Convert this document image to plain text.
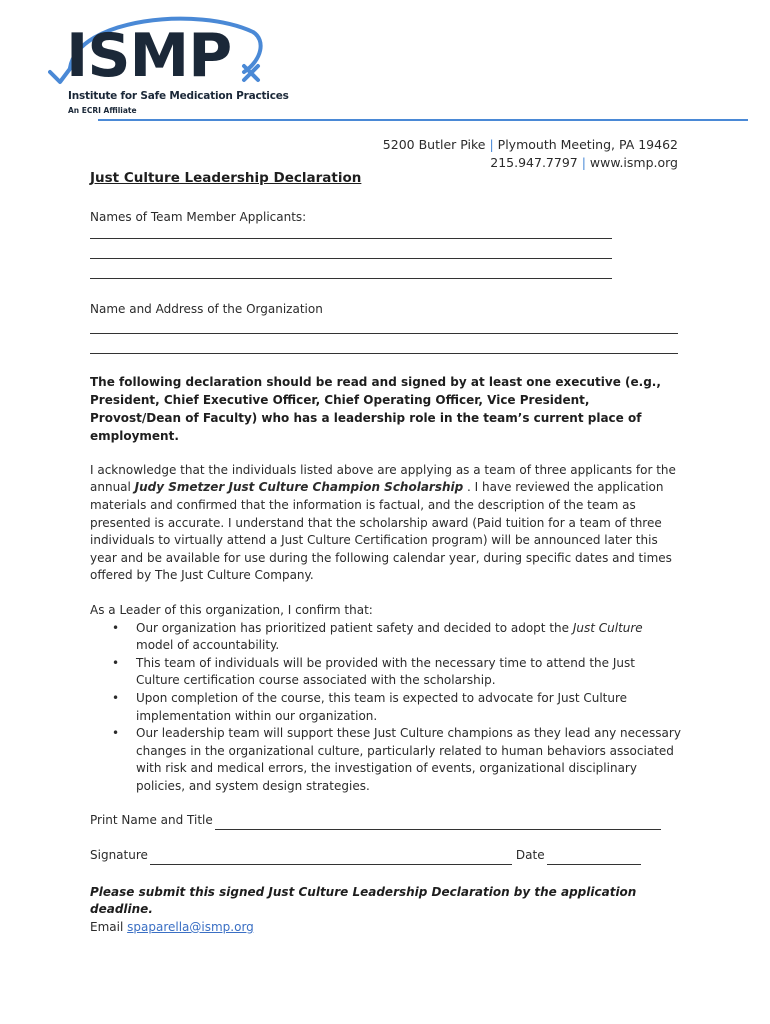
ISMP
Institute for Safe Medication Practices
An ECRI Affiliate
5200 Butler Pike | Plymouth Meeting, PA 19462
215.947.7797 | www.ismp.org
Just Culture Leadership Declaration
Names of Team Member Applicants:
Name and Address of the Organization
The following declaration should be read and signed by at least one executive (e.g., President, Chief Executive Officer, Chief Operating Officer, Vice President, Provost/Dean of Faculty) who has a leadership role in the team’s current place of employment.
I acknowledge that the individuals listed above are applying as a team of three applicants for the annual Judy Smetzer Just Culture Champion Scholarship . I have reviewed the application materials and confirmed that the information is factual, and the description of the team as presented is accurate. I understand that the scholarship award (Paid tuition for a team of three individuals to virtually attend a Just Culture Certification program) will be announced later this year and be available for use during the following calendar year, during specific dates and times offered by The Just Culture Company.
As a Leader of this organization, I confirm that:
• Our organization has prioritized patient safety and decided to adopt the Just Culture model of accountability.
• This team of individuals will be provided with the necessary time to attend the Just Culture certification course associated with the scholarship.
• Upon completion of the course, this team is expected to advocate for Just Culture implementation within our organization.
• Our leadership team will support these Just Culture champions as they lead any necessary changes in the organizational culture, particularly related to human behaviors associated with risk and medical errors, the investigation of events, organizational disciplinary policies, and system design strategies.
Print Name and Title
Signature	Date
Please submit this signed Just Culture Leadership Declaration by the application deadline.
Email spaparella@ismp.org
